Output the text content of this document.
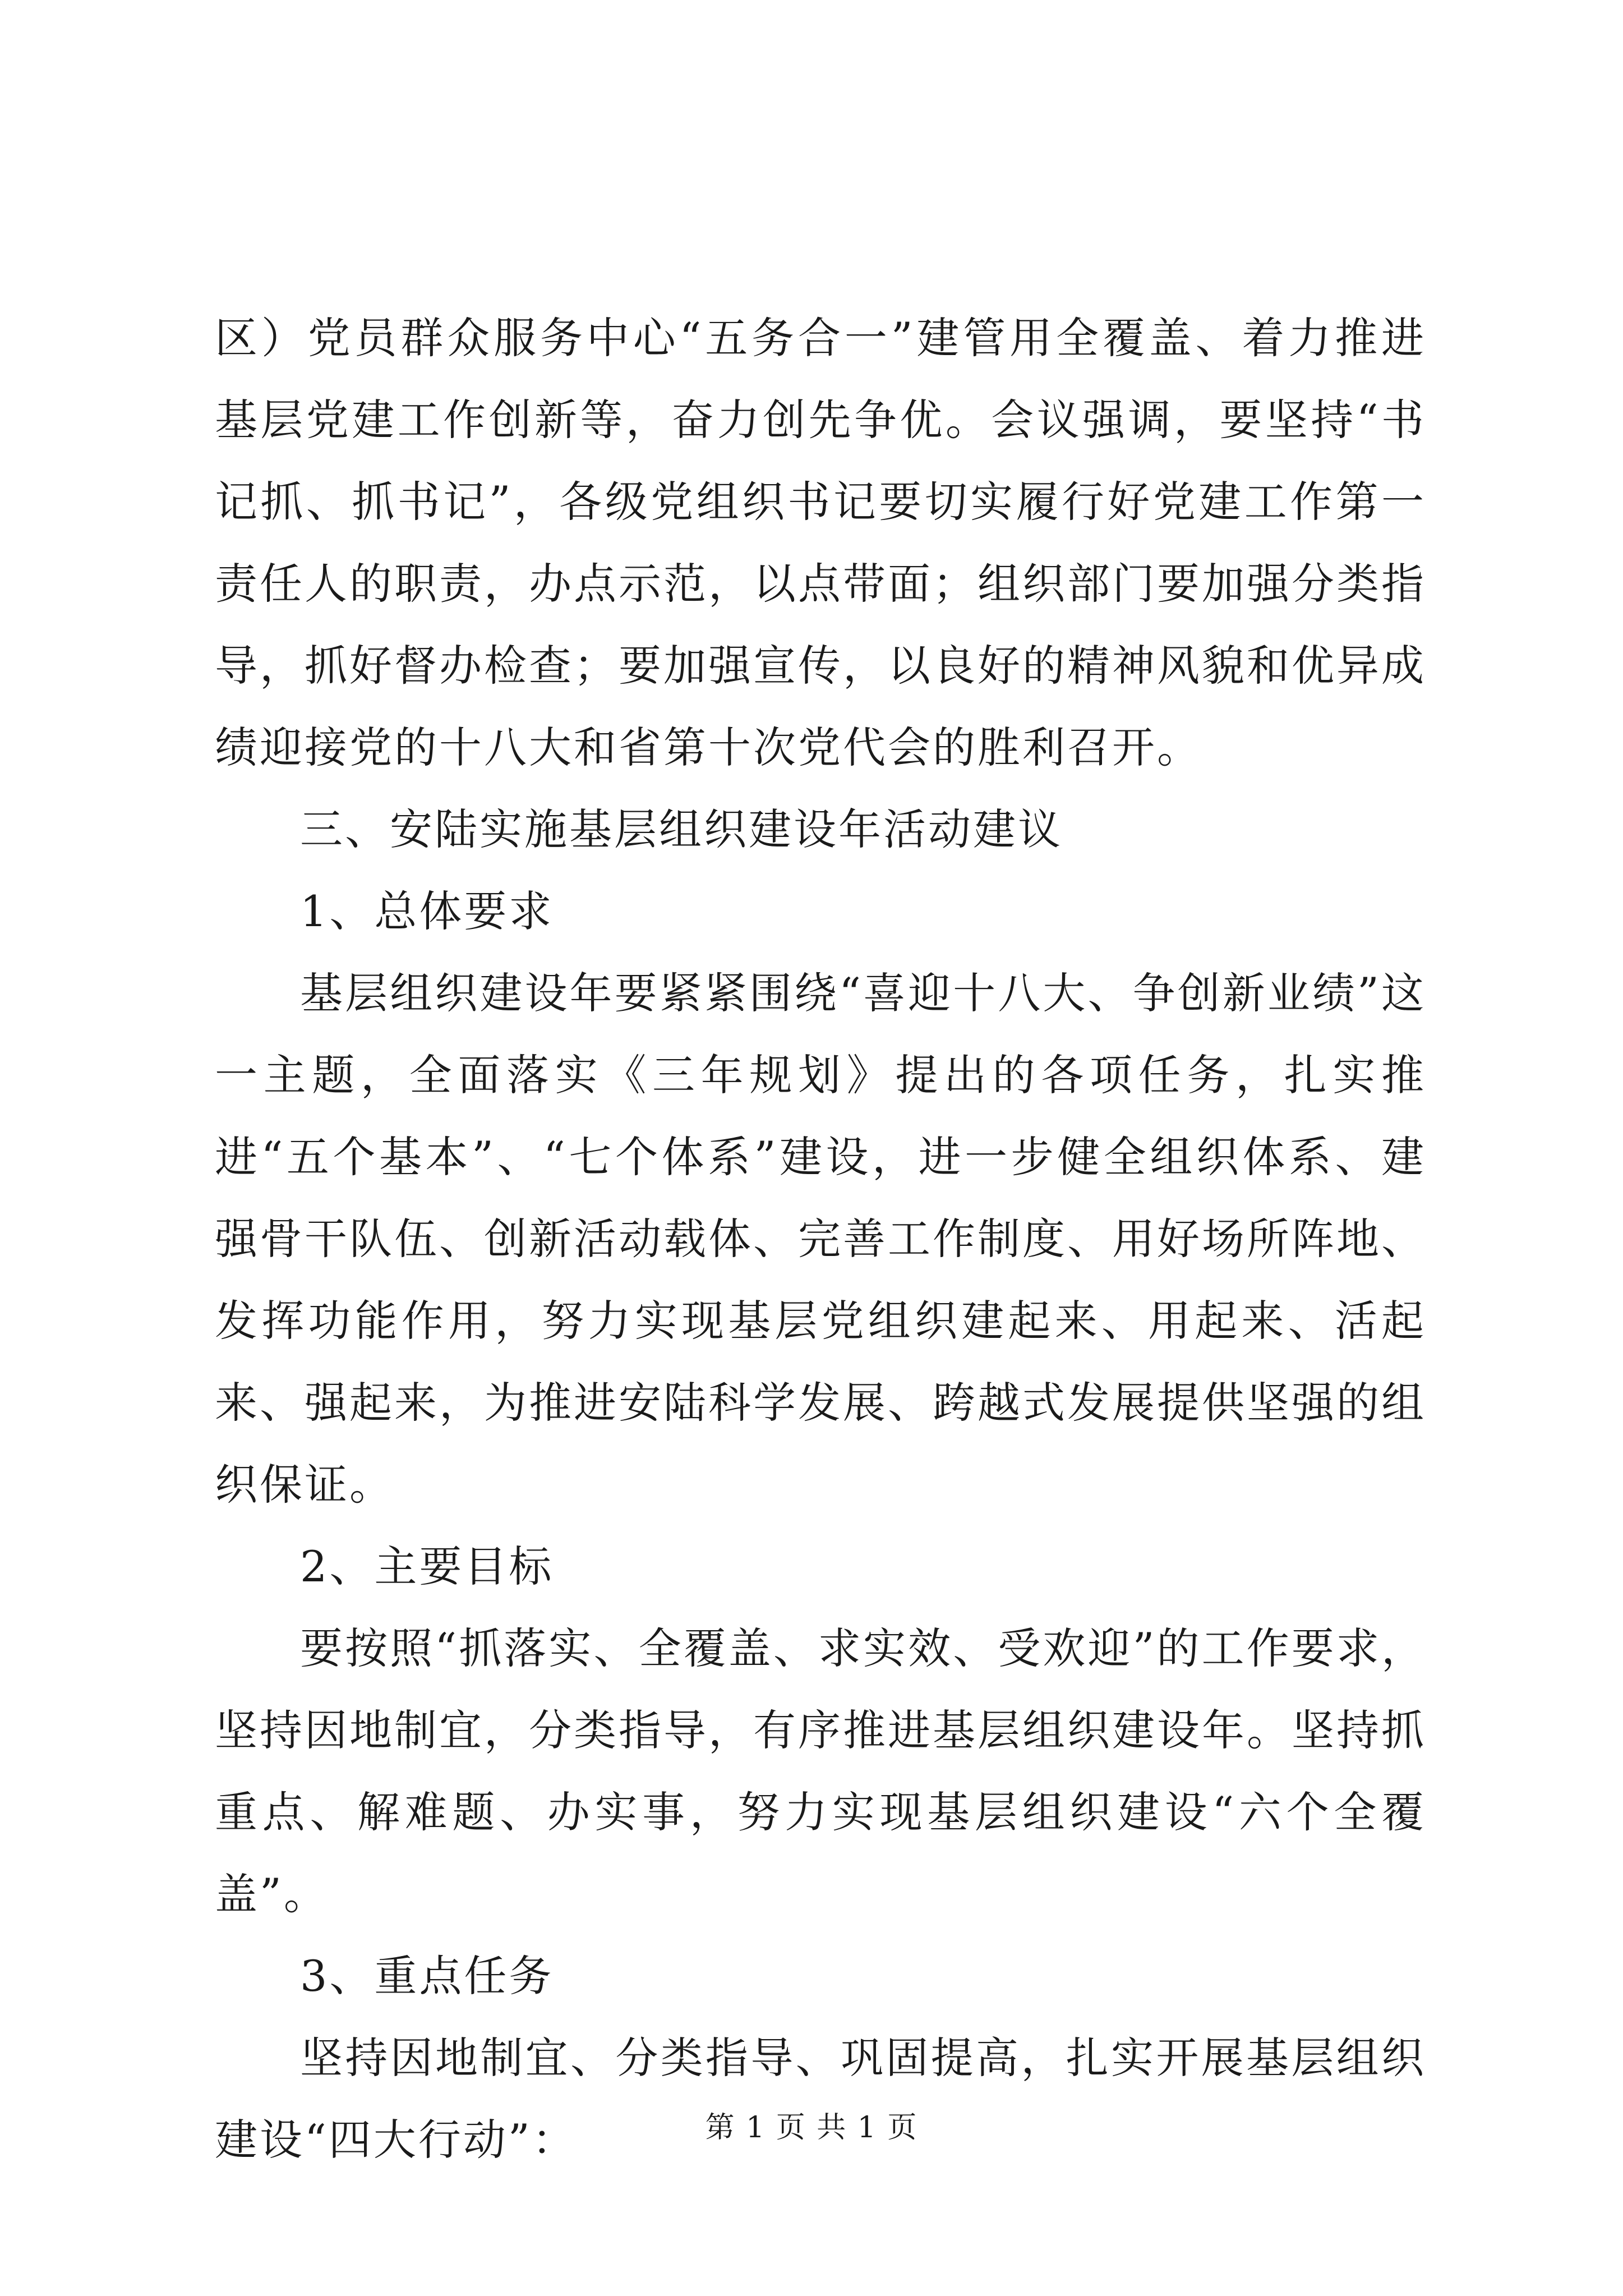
区）党员群众服务中心“五务合一”建管用全覆盖、着力推进基层党建工作创新等，奋力创先争优。会议强调，要坚持“书记抓、抓书记”，各级党组织书记要切实履行好党建工作第一责任人的职责，办点示范，以点带面；组织部门要加强分类指导，抓好督办检查；要加强宣传，以良好的精神风貌和优异成绩迎接党的十八大和省第十次党代会的胜利召开。

三、安陆实施基层组织建设年活动建议

1、总体要求

基层组织建设年要紧紧围绕“喜迎十八大、争创新业绩”这一主题，全面落实《三年规划》提出的各项任务，扎实推进“五个基本”、“七个体系”建设，进一步健全组织体系、建强骨干队伍、创新活动载体、完善工作制度、用好场所阵地、发挥功能作用，努力实现基层党组织建起来、用起来、活起来、强起来，为推进安陆科学发展、跨越式发展提供坚强的组织保证。

2、主要目标

要按照“抓落实、全覆盖、求实效、受欢迎”的工作要求，坚持因地制宜，分类指导，有序推进基层组织建设年。坚持抓重点、解难题、办实事，努力实现基层组织建设“六个全覆盖”。

3、重点任务

坚持因地制宜、分类指导、巩固提高，扎实开展基层组织建设“四大行动”：	第 1 页 共 1 页
